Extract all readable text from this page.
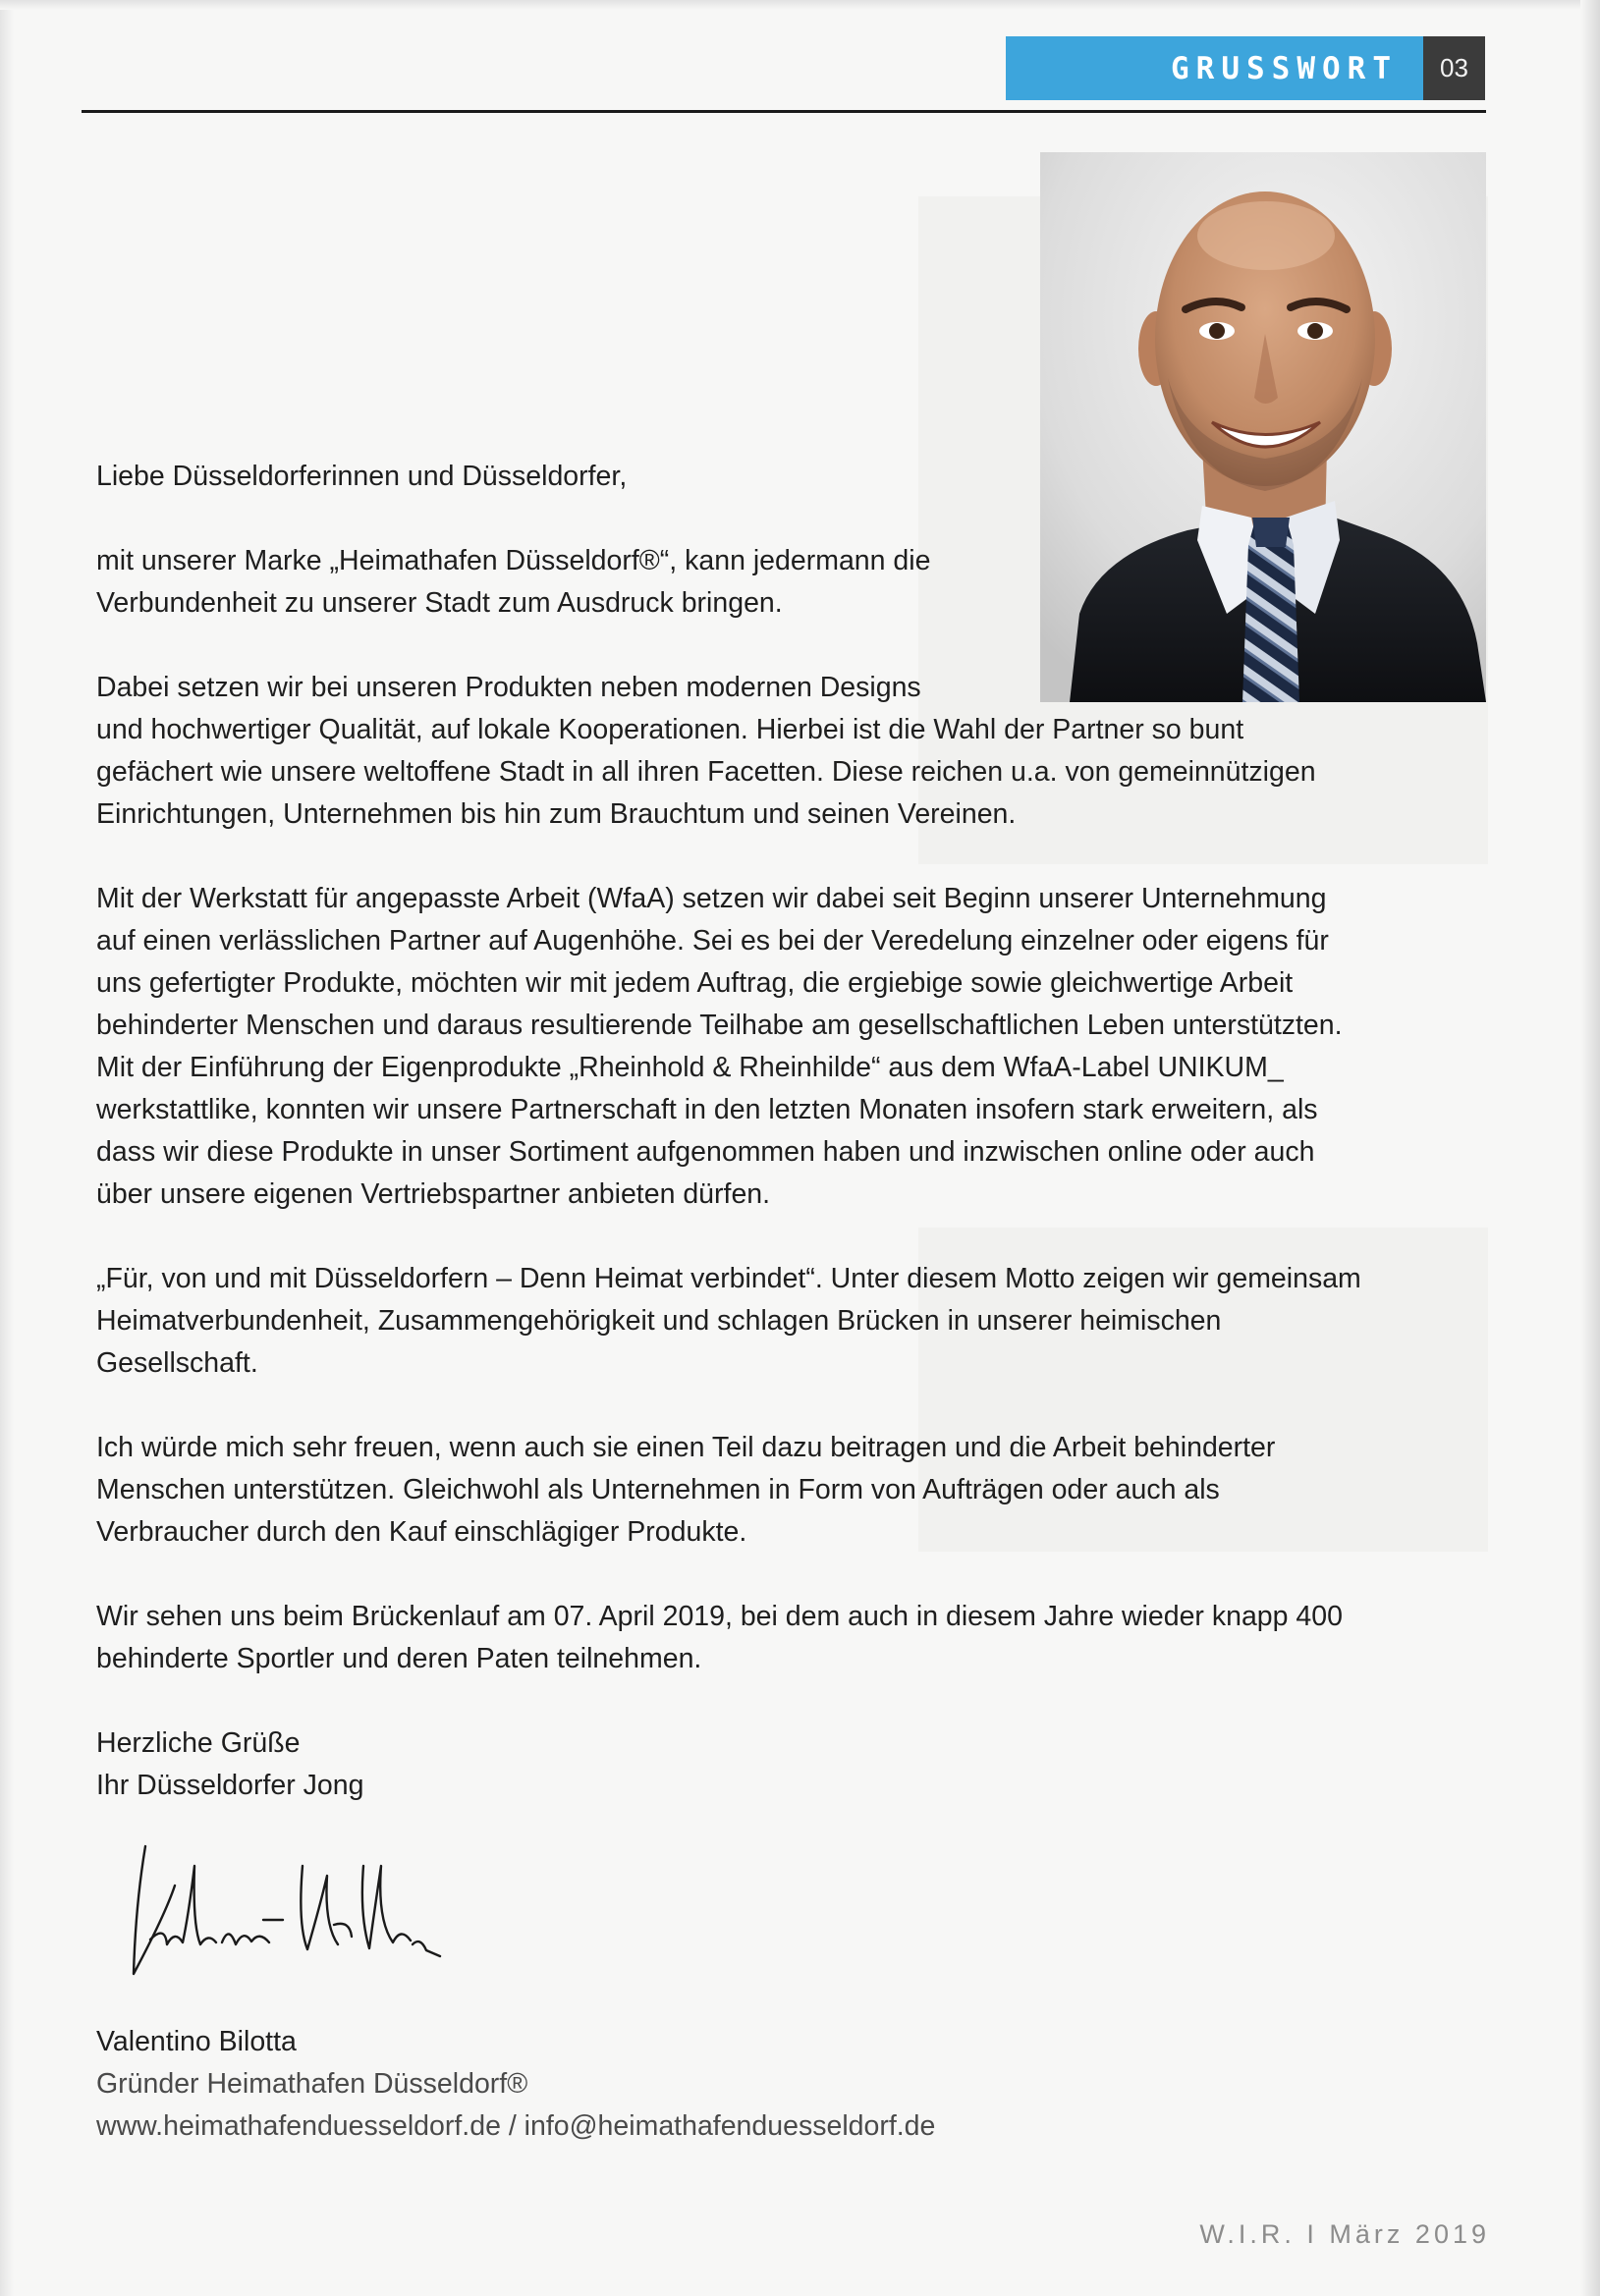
GRUSSWORT	03

Liebe Düsseldorferinnen und Düsseldorfer,

mit unserer Marke „Heimathafen Düsseldorf®“, kann jedermann die
Verbundenheit zu unserer Stadt zum Ausdruck bringen.

Dabei setzen wir bei unseren Produkten neben modernen Designs
und hochwertiger Qualität, auf lokale Kooperationen. Hierbei ist die Wahl der Partner so bunt
gefächert wie unsere weltoffene Stadt in all ihren Facetten. Diese reichen u.a. von gemeinnützigen
Einrichtungen, Unternehmen bis hin zum Brauchtum und seinen Vereinen.

Mit der Werkstatt für angepasste Arbeit (WfaA) setzen wir dabei seit Beginn unserer Unternehmung
auf einen verlässlichen Partner auf Augenhöhe. Sei es bei der Veredelung einzelner oder eigens für
uns gefertigter Produkte, möchten wir mit jedem Auftrag, die ergiebige sowie gleichwertige Arbeit
behinderter Menschen und daraus resultierende Teilhabe am gesellschaftlichen Leben unterstützten.
Mit der Einführung der Eigenprodukte „Rheinhold & Rheinhilde“ aus dem WfaA-Label UNIKUM_
werkstattlike, konnten wir unsere Partnerschaft in den letzten Monaten insofern stark erweitern, als
dass wir diese Produkte in unser Sortiment aufgenommen haben und inzwischen online oder auch
über unsere eigenen Vertriebspartner anbieten dürfen.

„Für, von und mit Düsseldorfern – Denn Heimat verbindet“. Unter diesem Motto zeigen wir gemeinsam
Heimatverbundenheit, Zusammengehörigkeit und schlagen Brücken in unserer heimischen
Gesellschaft.

Ich würde mich sehr freuen, wenn auch sie einen Teil dazu beitragen und die Arbeit behinderter
Menschen unterstützen. Gleichwohl als Unternehmen in Form von Aufträgen oder auch als
Verbraucher durch den Kauf einschlägiger Produkte.

Wir sehen uns beim Brückenlauf am 07. April 2019, bei dem auch in diesem Jahre wieder knapp 400
behinderte Sportler und deren Paten teilnehmen.

Herzliche Grüße
Ihr Düsseldorfer Jong

Valentino Bilotta
Gründer Heimathafen Düsseldorf®
www.heimathafenduesseldorf.de / info@heimathafenduesseldorf.de
W.I.R. I März 2019
